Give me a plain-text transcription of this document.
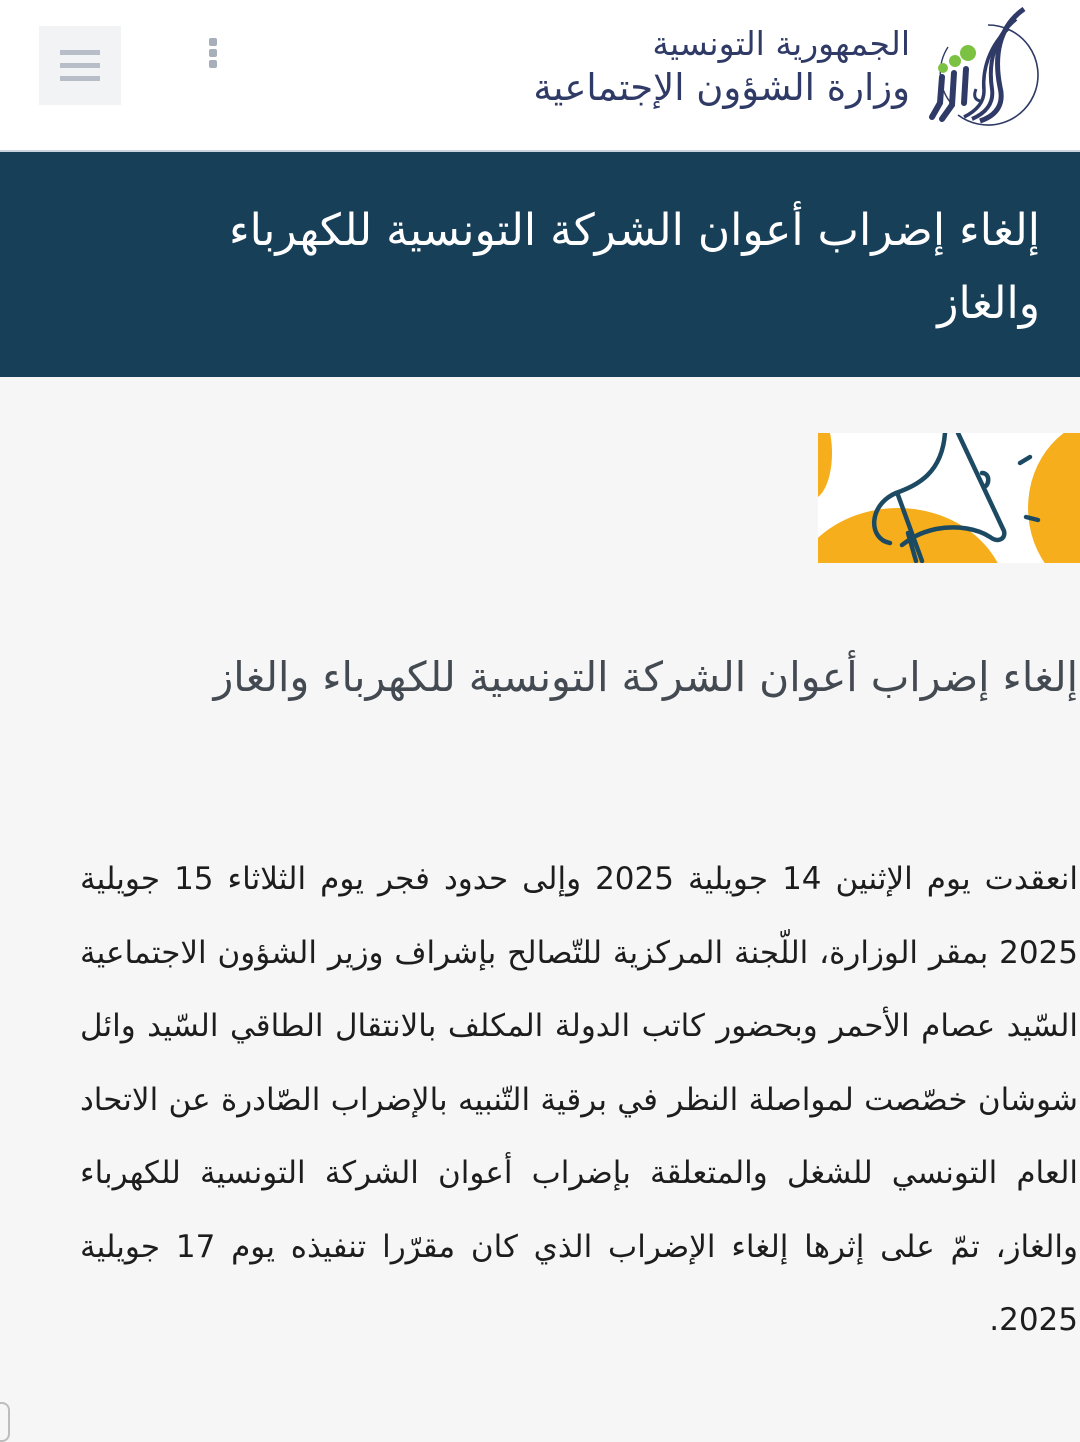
الجمهورية التونسية
وزارة الشؤون الإجتماعية
إلغاء إضراب أعوان الشركة التونسية للكهرباء والغاز
إلغاء إضراب أعوان الشركة التونسية للكهرباء والغاز

انعقدت يوم الإثنين 14 جويلية 2025 وإلى حدود فجر يوم الثلاثاء 15 جويلية 2025 بمقر الوزارة، اللّجنة المركزية للتّصالح بإشراف وزير الشؤون الاجتماعية السّيد عصام الأحمر وبحضور كاتب الدولة المكلف بالانتقال الطاقي السّيد وائل شوشان خصّصت لمواصلة النظر في برقية التّنبيه بالإضراب الصّادرة عن الاتحاد العام التونسي للشغل والمتعلقة بإضراب أعوان الشركة التونسية للكهرباء والغاز، تمّ على إثرها إلغاء الإضراب الذي كان مقرّرا تنفيذه يوم 17 جويلية 2025.
